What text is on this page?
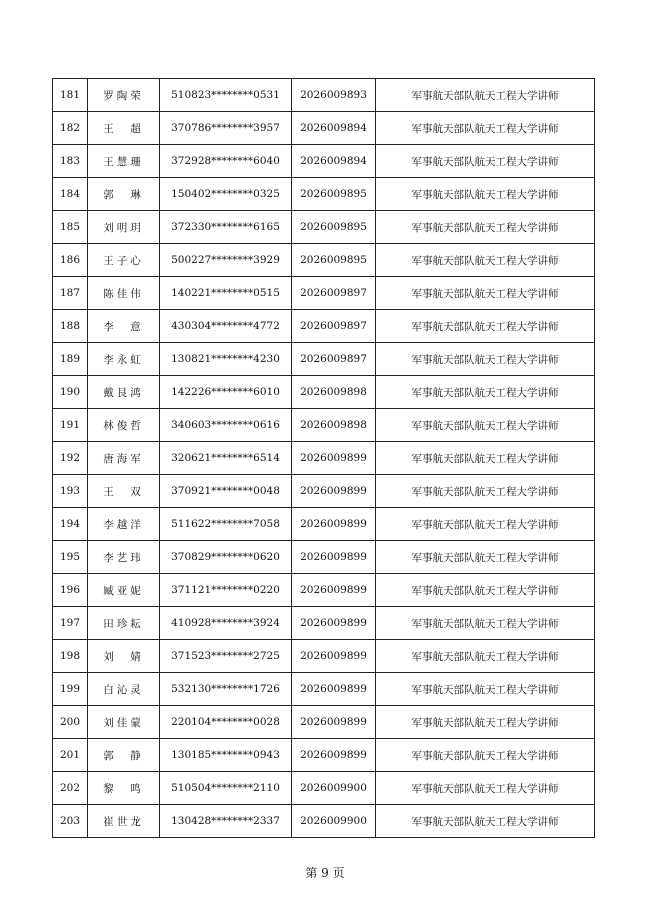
181	罗陶荣	510823********0531	2026009893	军事航天部队航天工程大学讲师
182	王　超	370786********3957	2026009894	军事航天部队航天工程大学讲师
183	王慧珊	372928********6040	2026009894	军事航天部队航天工程大学讲师
184	郭　琳	150402********0325	2026009895	军事航天部队航天工程大学讲师
185	刘明玥	372330********6165	2026009895	军事航天部队航天工程大学讲师
186	王子心	500227********3929	2026009895	军事航天部队航天工程大学讲师
187	陈佳伟	140221********0515	2026009897	军事航天部队航天工程大学讲师
188	李　意	430304********4772	2026009897	军事航天部队航天工程大学讲师
189	李永虹	130821********4230	2026009897	军事航天部队航天工程大学讲师
190	戴艮鸿	142226********6010	2026009898	军事航天部队航天工程大学讲师
191	林俊哲	340603********0616	2026009898	军事航天部队航天工程大学讲师
192	唐海军	320621********6514	2026009899	军事航天部队航天工程大学讲师
193	王　双	370921********0048	2026009899	军事航天部队航天工程大学讲师
194	李越洋	511622********7058	2026009899	军事航天部队航天工程大学讲师
195	李艺玮	370829********0620	2026009899	军事航天部队航天工程大学讲师
196	臧亚妮	371121********0220	2026009899	军事航天部队航天工程大学讲师
197	田珍耘	410928********3924	2026009899	军事航天部队航天工程大学讲师
198	刘　婧	371523********2725	2026009899	军事航天部队航天工程大学讲师
199	白沁灵	532130********1726	2026009899	军事航天部队航天工程大学讲师
200	刘佳蒙	220104********0028	2026009899	军事航天部队航天工程大学讲师
201	郭　静	130185********0943	2026009899	军事航天部队航天工程大学讲师
202	黎　鸣	510504********2110	2026009900	军事航天部队航天工程大学讲师
203	崔世龙	130428********2337	2026009900	军事航天部队航天工程大学讲师
第 9 页
